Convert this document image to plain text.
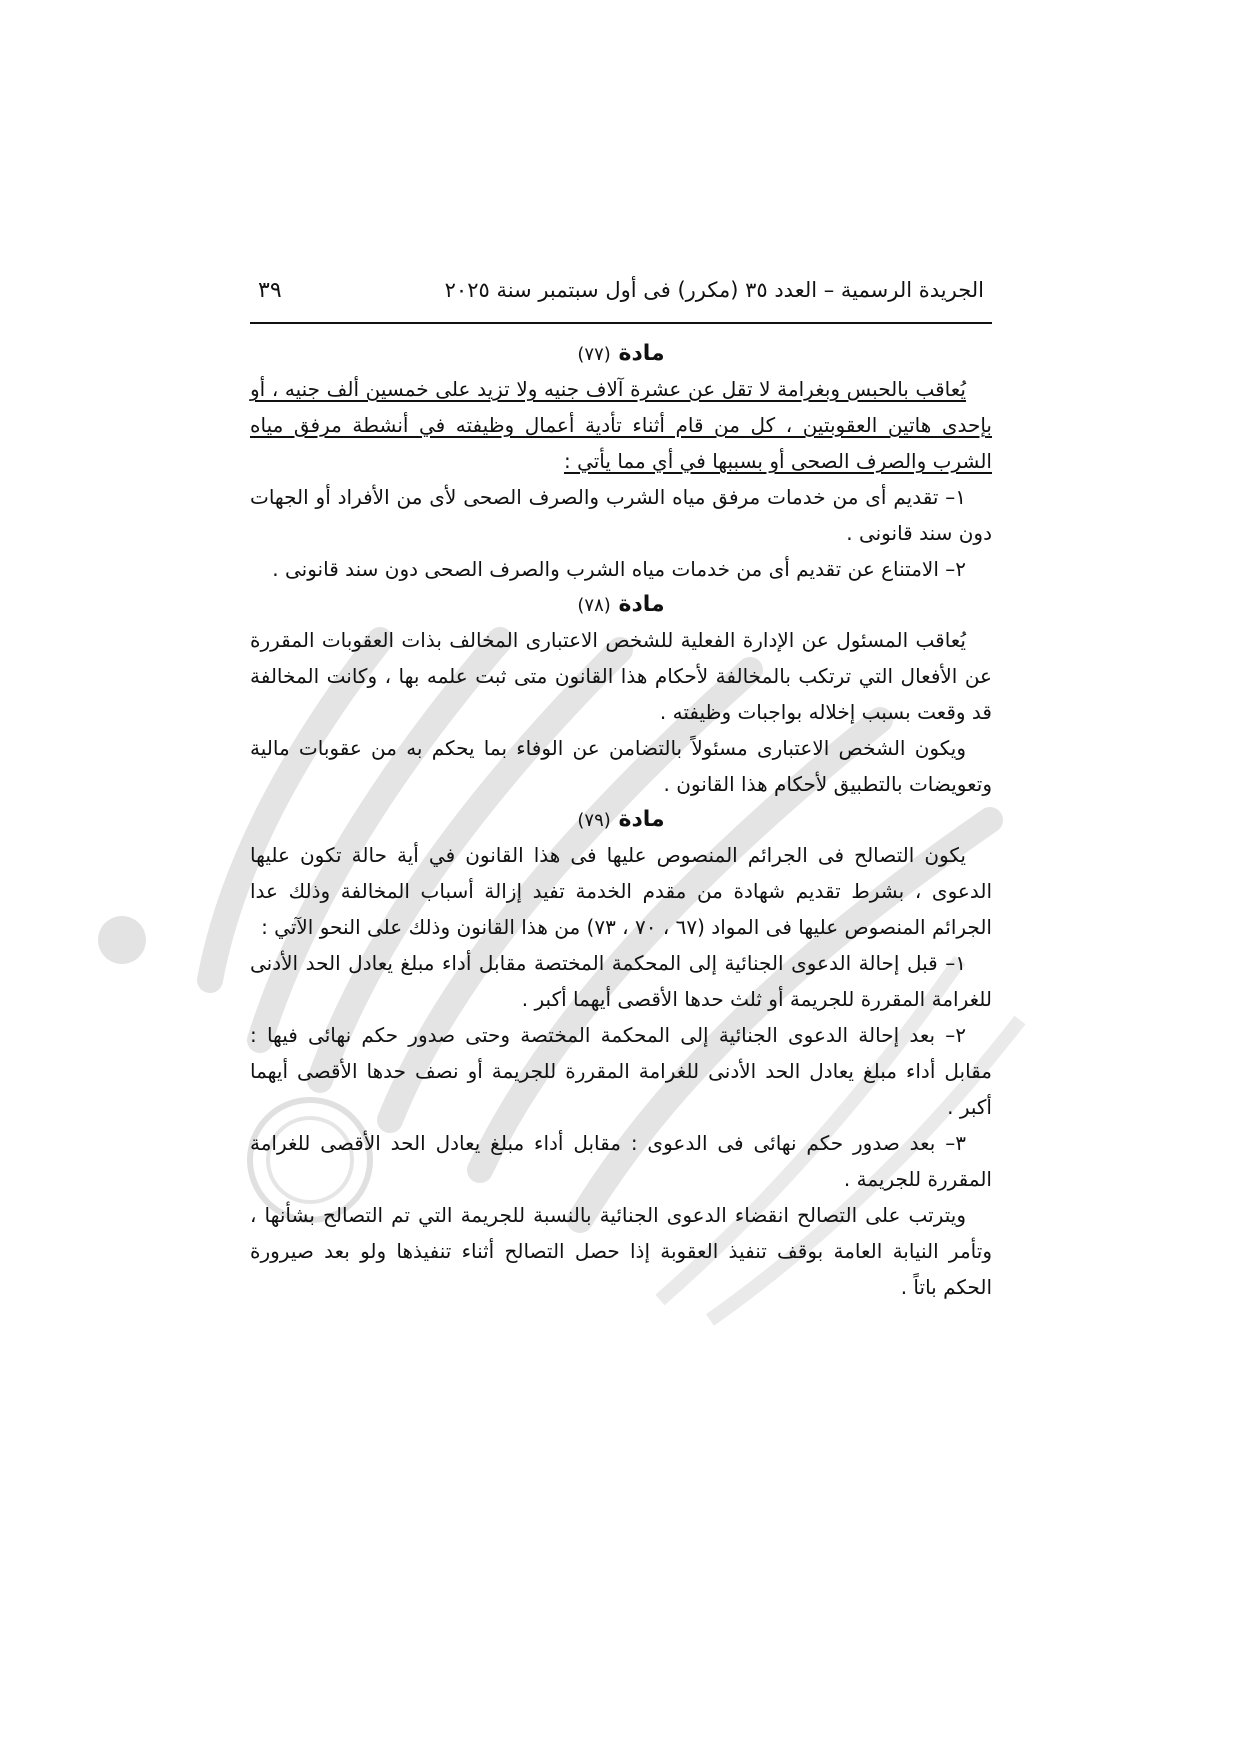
الجريدة الرسمية – العدد ٣٥ (مكرر) فى أول سبتمبر سنة ٢٠٢٥
٣٩
مادة (٧٧)

يُعاقب بالحبس وبغرامة لا تقل عن عشرة آلاف جنيه ولا تزيد على خمسين ألف جنيه ، أو بإحدى هاتين العقوبتين ، كل من قام أثناء تأدية أعمال وظيفته في أنشطة مرفق مياه الشرب والصرف الصحى أو بسببها في أي مما يأتي :

١– تقديم أى من خدمات مرفق مياه الشرب والصرف الصحى لأى من الأفراد أو الجهات دون سند قانونى .

٢– الامتناع عن تقديم أى من خدمات مياه الشرب والصرف الصحى دون سند قانونى .

مادة (٧٨)

يُعاقب المسئول عن الإدارة الفعلية للشخص الاعتبارى المخالف بذات العقوبات المقررة عن الأفعال التي ترتكب بالمخالفة لأحكام هذا القانون متى ثبت علمه بها ، وكانت المخالفة قد وقعت بسبب إخلاله بواجبات وظيفته .

ويكون الشخص الاعتبارى مسئولاً بالتضامن عن الوفاء بما يحكم به من عقوبات مالية وتعويضات بالتطبيق لأحكام هذا القانون .

مادة (٧٩)

يكون التصالح فى الجرائم المنصوص عليها فى هذا القانون في أية حالة تكون عليها الدعوى ، بشرط تقديم شهادة من مقدم الخدمة تفيد إزالة أسباب المخالفة وذلك عدا الجرائم المنصوص عليها فى المواد (٦٧ ، ٧٠ ، ٧٣) من هذا القانون وذلك على النحو الآتي :

١– قبل إحالة الدعوى الجنائية إلى المحكمة المختصة مقابل أداء مبلغ يعادل الحد الأدنى للغرامة المقررة للجريمة أو ثلث حدها الأقصى أيهما أكبر .

٢– بعد إحالة الدعوى الجنائية إلى المحكمة المختصة وحتى صدور حكم نهائى فيها : مقابل أداء مبلغ يعادل الحد الأدنى للغرامة المقررة للجريمة أو نصف حدها الأقصى أيهما أكبر .

٣– بعد صدور حكم نهائى فى الدعوى : مقابل أداء مبلغ يعادل الحد الأقصى للغرامة المقررة للجريمة .

ويترتب على التصالح انقضاء الدعوى الجنائية بالنسبة للجريمة التي تم التصالح بشأنها ، وتأمر النيابة العامة بوقف تنفيذ العقوبة إذا حصل التصالح أثناء تنفيذها ولو بعد صيرورة الحكم باتاً .
